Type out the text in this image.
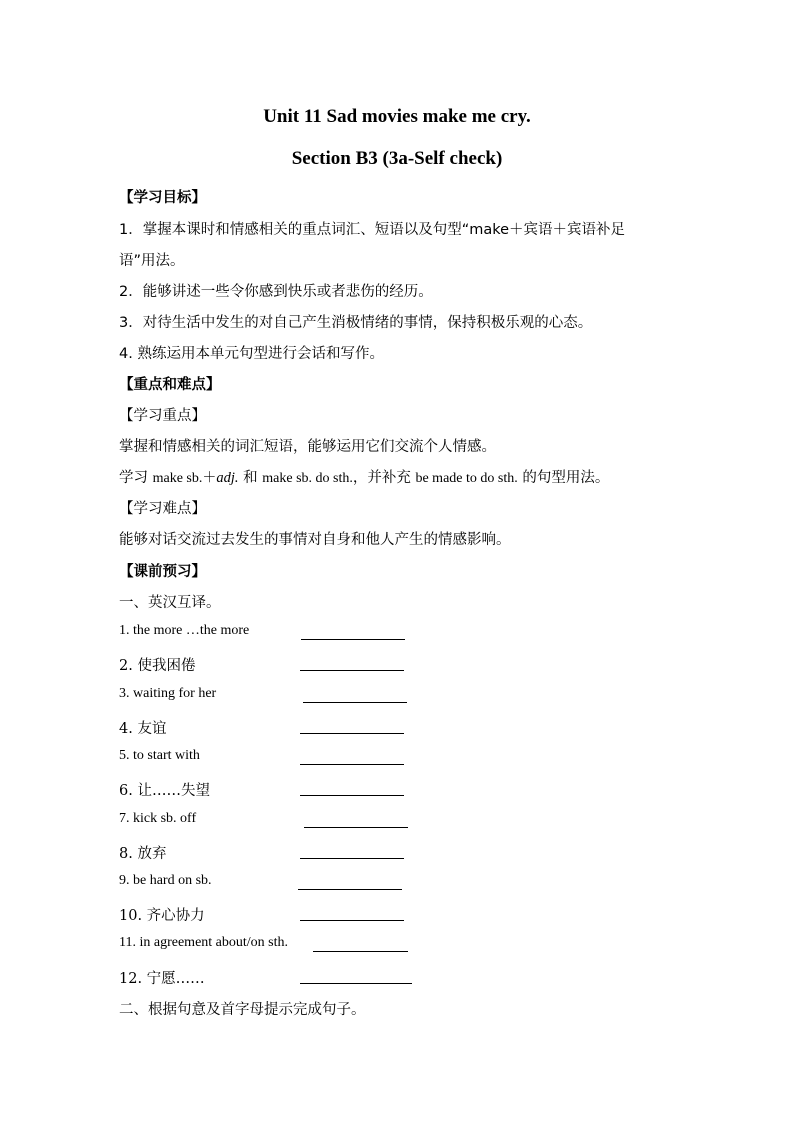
Unit 11 Sad movies make me cry.
Section B3 (3a-Self check)
【学习目标】
1．掌握本课时和情感相关的重点词汇、短语以及句型“make＋宾语＋宾语补足
语”用法。
2．能够讲述一些令你感到快乐或者悲伤的经历。
3．对待生活中发生的对自己产生消极情绪的事情，保持积极乐观的心态。
4. 熟练运用本单元句型进行会话和写作。
【重点和难点】
【学习重点】
掌握和情感相关的词汇短语，能够运用它们交流个人情感。
学习 make sb.＋adj. 和 make sb. do sth.，并补充 be made to do sth. 的句型用法。
【学习难点】
能够对话交流过去发生的事情对自身和他人产生的情感影响。
【课前预习】
一、英汉互译。
1. the more …the more
2. 使我困倦
3. waiting for her
4. 友谊
5. to start with
6. 让……失望
7. kick sb. off
8. 放弃
9. be hard on sb.
10. 齐心协力
11. in agreement about/on sth.
12. 宁愿……
二、根据句意及首字母提示完成句子。
